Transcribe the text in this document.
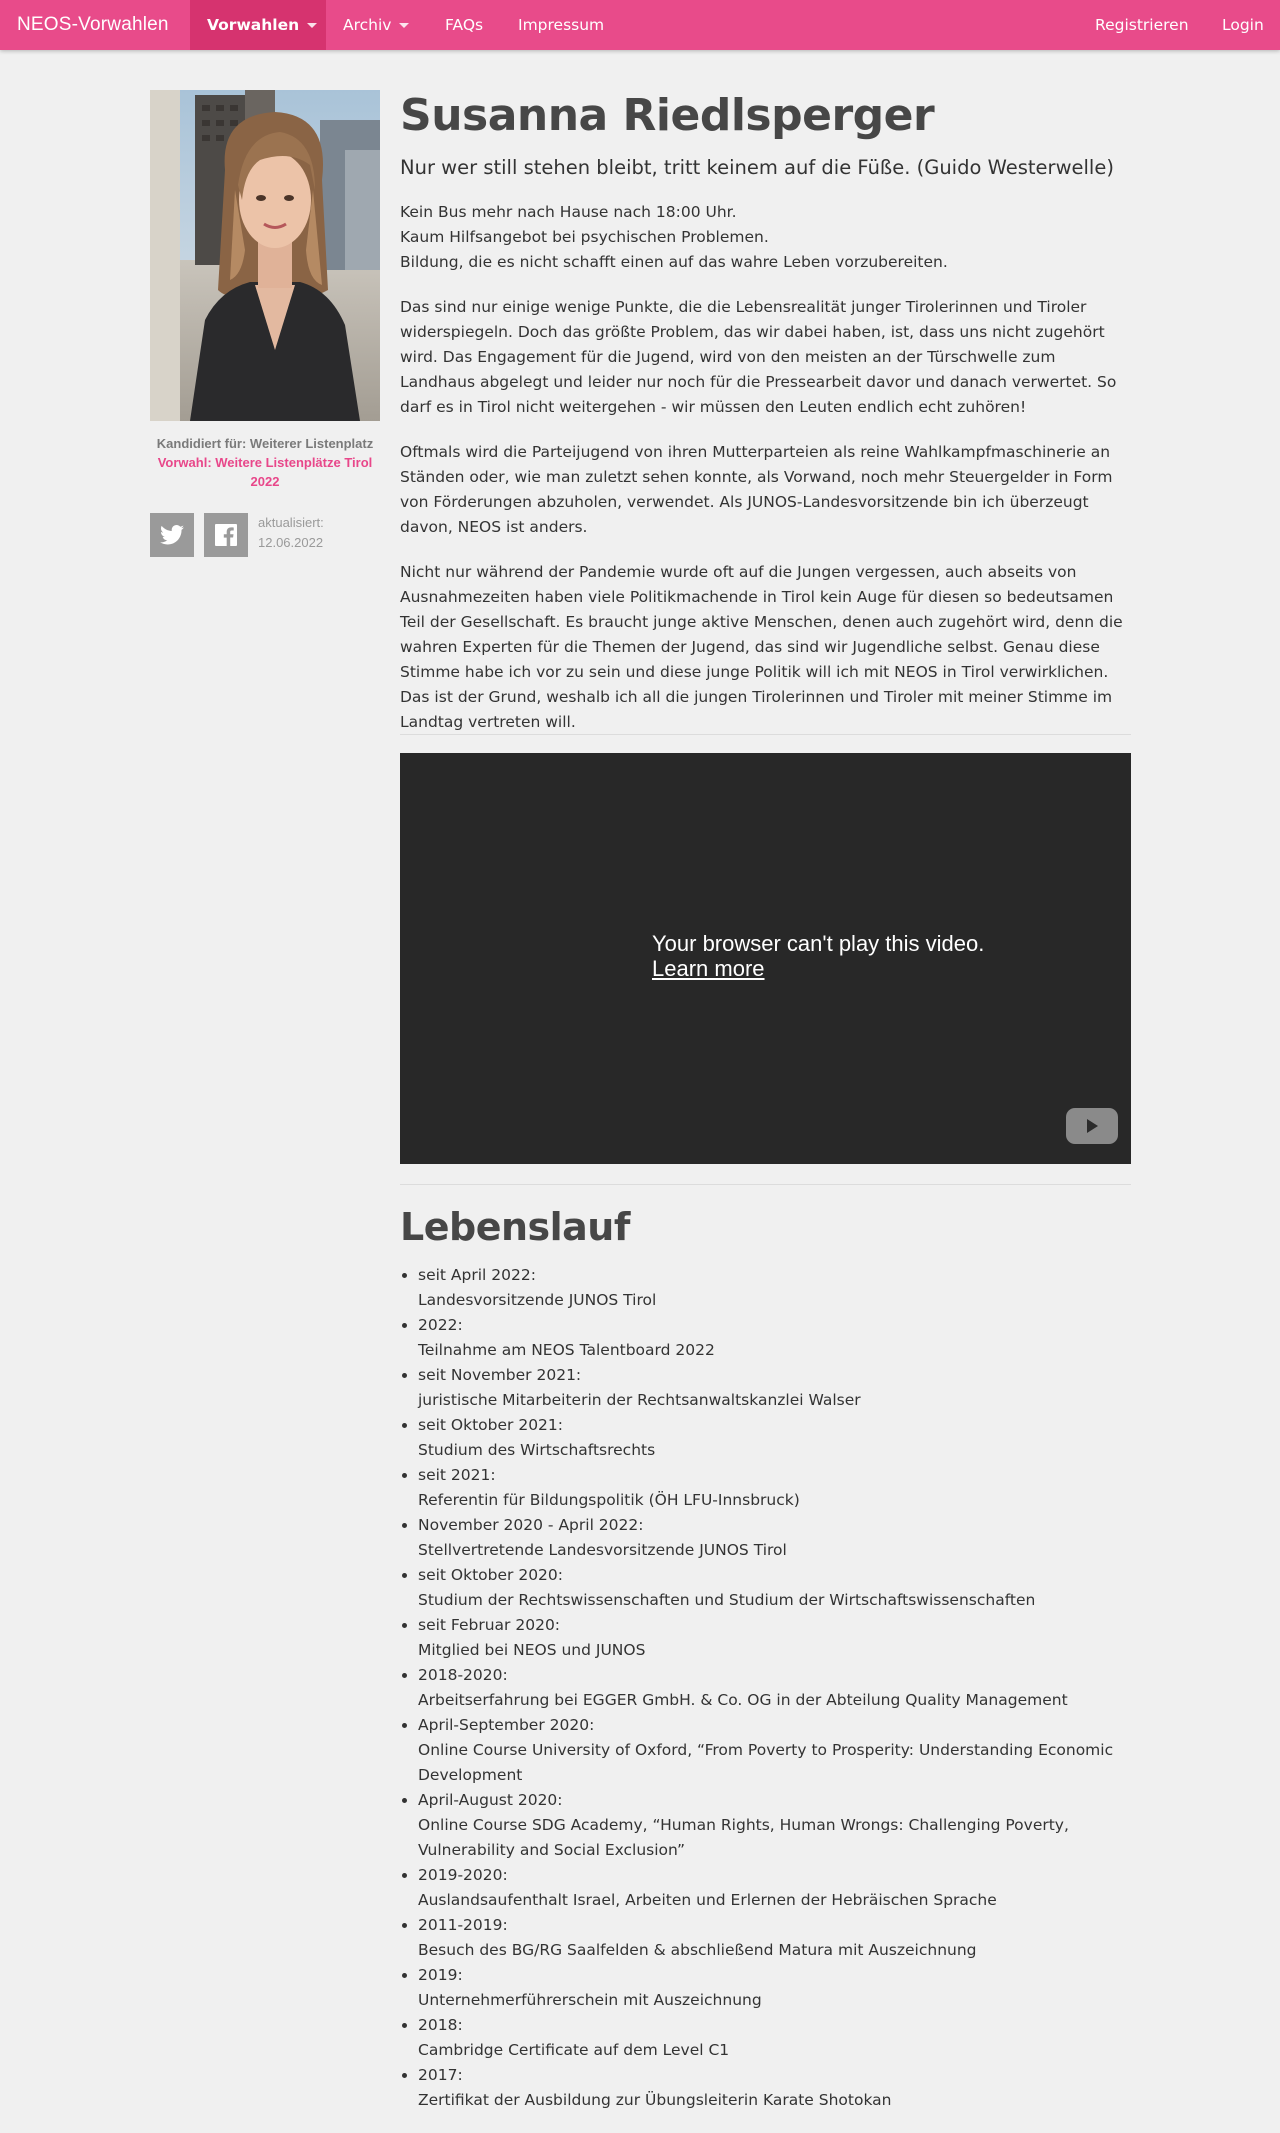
NEOS-Vorwahlen	Vorwahlen	Archiv	FAQs Impressum	Registrieren Login
Kandidiert für: Weiterer Listenplatz
Vorwahl: Weitere Listenplätze Tirol 2022
aktualisiert:
12.06.2022
Susanna Riedlsperger
Nur wer still stehen bleibt, tritt keinem auf die Füße. (Guido Westerwelle)
Kein Bus mehr nach Hause nach 18:00 Uhr.
Kaum Hilfsangebot bei psychischen Problemen.
Bildung, die es nicht schafft einen auf das wahre Leben vorzubereiten.

Das sind nur einige wenige Punkte, die die Lebensrealität junger Tirolerinnen und Tiroler widerspiegeln. Doch das größte Problem, das wir dabei haben, ist, dass uns nicht zugehört wird. Das Engagement für die Jugend, wird von den meisten an der Türschwelle zum Landhaus abgelegt und leider nur noch für die Pressearbeit davor und danach verwertet. So darf es in Tirol nicht weitergehen - wir müssen den Leuten endlich echt zuhören!

Oftmals wird die Parteijugend von ihren Mutterparteien als reine Wahlkampfmaschinerie an Ständen oder, wie man zuletzt sehen konnte, als Vorwand, noch mehr Steuergelder in Form von Förderungen abzuholen, verwendet. Als JUNOS-Landesvorsitzende bin ich überzeugt davon, NEOS ist anders.

Nicht nur während der Pandemie wurde oft auf die Jungen vergessen, auch abseits von Ausnahmezeiten haben viele Politikmachende in Tirol kein Auge für diesen so bedeutsamen Teil der Gesellschaft. Es braucht junge aktive Menschen, denen auch zugehört wird, denn die wahren Experten für die Themen der Jugend, das sind wir Jugendliche selbst. Genau diese Stimme habe ich vor zu sein und diese junge Politik will ich mit NEOS in Tirol verwirklichen. Das ist der Grund, weshalb ich all die jungen Tirolerinnen und Tiroler mit meiner Stimme im Landtag vertreten will.

Your browser can't play this video.
Learn more
Lebenslauf
• seit April 2022:
Landesvorsitzende JUNOS Tirol
• 2022:
Teilnahme am NEOS Talentboard 2022
• seit November 2021:
juristische Mitarbeiterin der Rechtsanwaltskanzlei Walser
• seit Oktober 2021:
Studium des Wirtschaftsrechts
• seit 2021:
Referentin für Bildungspolitik (ÖH LFU-Innsbruck)
• November 2020 - April 2022:
Stellvertretende Landesvorsitzende JUNOS Tirol
• seit Oktober 2020:
Studium der Rechtswissenschaften und Studium der Wirtschaftswissenschaften
• seit Februar 2020:
Mitglied bei NEOS und JUNOS
• 2018-2020:
Arbeitserfahrung bei EGGER GmbH. & Co. OG in der Abteilung Quality Management
• April-September 2020:
Online Course University of Oxford, “From Poverty to Prosperity: Understanding Economic Development
• April-August 2020:
Online Course SDG Academy, “Human Rights, Human Wrongs: Challenging Poverty, Vulnerability and Social Exclusion”
• 2019-2020:
Auslandsaufenthalt Israel, Arbeiten und Erlernen der Hebräischen Sprache
• 2011-2019:
Besuch des BG/RG Saalfelden & abschließend Matura mit Auszeichnung
• 2019:
Unternehmerführerschein mit Auszeichnung
• 2018:
Cambridge Certificate auf dem Level C1
• 2017:
Zertifikat der Ausbildung zur Übungsleiterin Karate Shotokan
